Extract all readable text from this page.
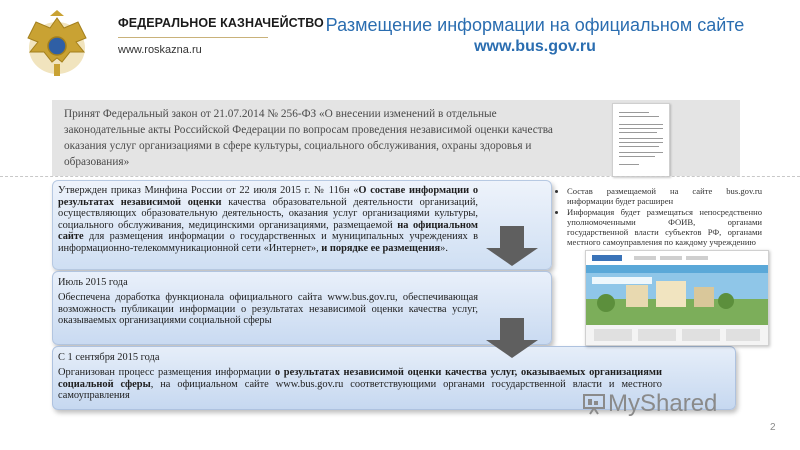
ФЕДЕРАЛЬНОЕ КАЗНАЧЕЙСТВО
www.roskazna.ru
Размещение информации на официальном сайте
www.bus.gov.ru
Принят Федеральный закон от 21.07.2014 № 256-ФЗ «О внесении изменений в отдельные законодательные акты Российской Федерации по вопросам проведения независимой оценки качества оказания услуг организациями в сфере культуры, социального обслуживания, охраны здоровья и образования»
Утвержден приказ Минфина России от 22 июля 2015 г. № 116н «О составе информации о результатах независимой оценки качества образовательной деятельности организаций, осуществляющих образовательную деятельность, оказания услуг организациями культуры, социального обслуживания, медицинскими организациями, размещаемой на официальном сайте для размещения информации о государственных и муниципальных учреждениях в информационно-телекоммуникационной сети «Интернет», и порядке ее размещения».
Июль 2015 года
Обеспечена доработка функционала официального сайта www.bus.gov.ru, обеспечивающая возможность публикации информации о результатах независимой оценки качества услуг, оказываемых организациями социальной сферы
С 1 сентября 2015 года
Организован процесс размещения информации о результатах независимой оценки качества услуг, оказываемых организациями социальной сферы, на официальном сайте www.bus.gov.ru соответствующими органами государственной власти и местного самоуправления
• Состав размещаемой на сайте bus.gov.ru информации будет расширен
• Информация будет размещаться непосредственно уполномоченными ФОИВ, органами государственной власти субъектов РФ, органами местного самоуправления по каждому учреждению
MyShared
2
